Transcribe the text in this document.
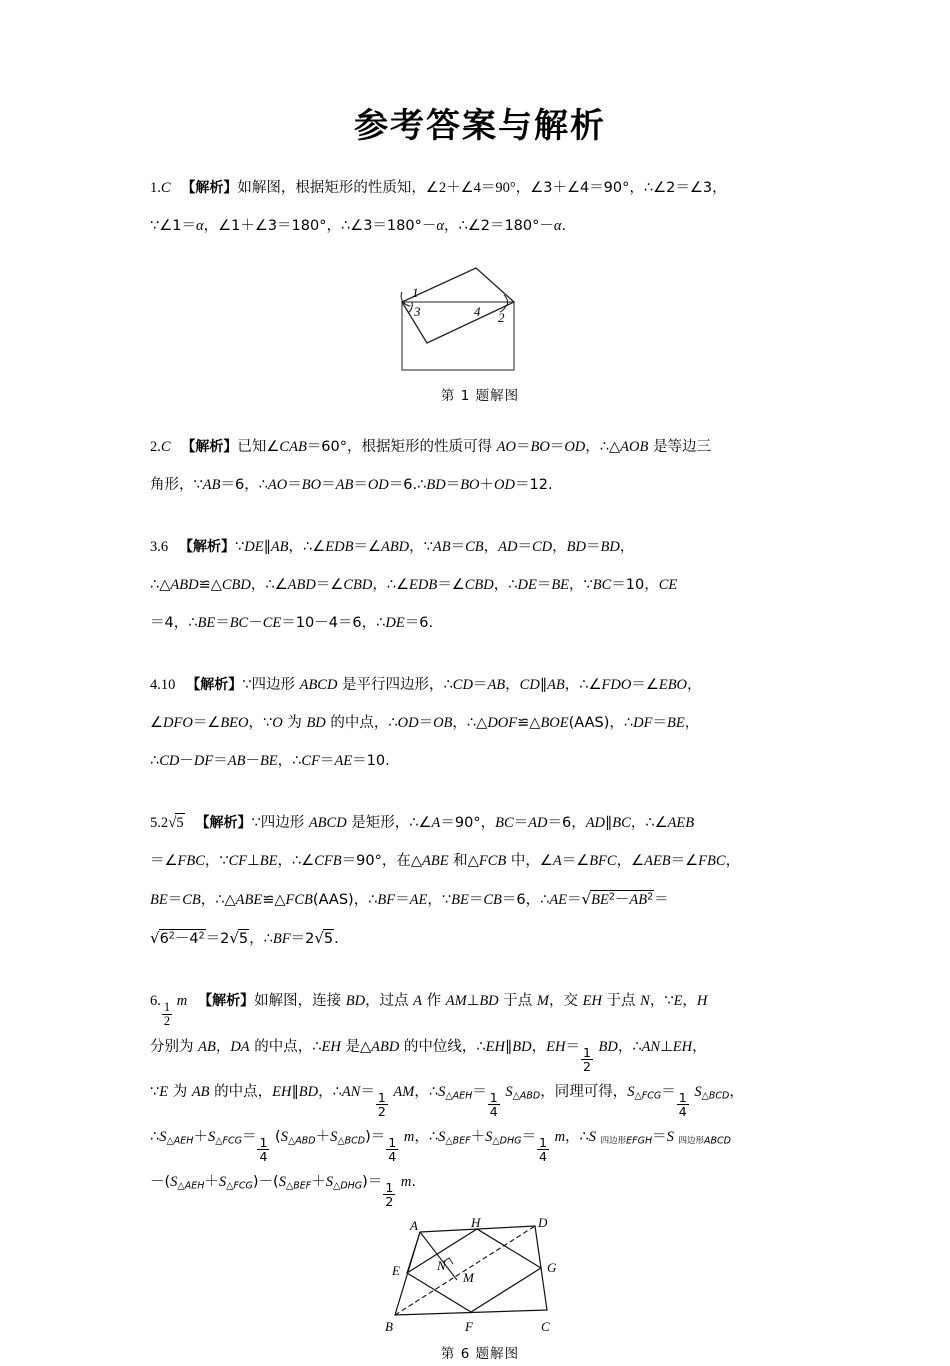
参考答案与解析
1.C 【解析】如解图，根据矩形的性质知，∠2＋∠4＝90°，∠3＋∠4＝90°，∴∠2＝∠3，
∵∠1＝α，∠1＋∠3＝180°，∴∠3＝180°－α，∴∠2＝180°－α.
1
3	4 2
第 1 题解图
2.C 【解析】已知∠CAB＝60°，根据矩形的性质可得 AO＝BO＝OD，∴△AOB 是等边三
角形，∵AB＝6，∴AO＝BO＝AB＝OD＝6.∴BD＝BO＋OD＝12.
3.6 【解析】∵DE∥AB，∴∠EDB＝∠ABD，∵AB＝CB，AD＝CD，BD＝BD，
∴△ABD≌△CBD，∴∠ABD＝∠CBD，∴∠EDB＝∠CBD，∴DE＝BE，∵BC＝10，CE
＝4，∴BE＝BC－CE＝10－4＝6，∴DE＝6.
4.10 【解析】∵四边形 ABCD 是平行四边形，∴CD＝AB，CD∥AB，∴∠FDO＝∠EBO，
∠DFO＝∠BEO，∵O 为 BD 的中点，∴OD＝OB，∴△DOF≌△BOE(AAS)，∴DF＝BE，
∴CD－DF＝AB－BE，∴CF＝AE＝10.
5.2√5 【解析】∵四边形 ABCD 是矩形，∴∠A＝90°，BC＝AD＝6，AD∥BC，∴∠AEB
＝∠FBC，∵CF⊥BE，∴∠CFB＝90°，在△ABE 和△FCB 中，∠A＝∠BFC，∠AEB＝∠FBC，
BE＝CB，∴△ABE≌△FCB(AAS)，∴BF＝AE，∵BE＝CB＝6，$\therefore AE=√BE^2-AB^2=$
$√6^2-4^2=2√5$，∴BF＝2√5.
6. $\frac{1}{2}$ m 【解析】如解图，连接 BD，过点 A 作 AM⊥BD 于点 M，交 EH 于点 N，∵E，H
分别为 AB，DA 的中点，∴EH 是△ABD 的中位线，∴EH∥BD，$EH= \frac{1}{2}$ BD，∴AN⊥EH，
∵E 为 AB 的中点，EH∥BD，∴AN＝ $\frac{1}{2}$ AM，$\therefore S_{\triangle AEH}= \frac{1}{4} S_{\triangle ABD}$，同理可得，$S_{\triangle FCG}= \frac{1}{4} S_{\triangle BCD}$，
$\therefore S_{\triangle AEH}+S_{\triangle FCG}= \frac{1}{4} (S_{\triangle ABD}+S_{\triangle BCD})= \frac{1}{4}$ m，$\therefore S_{\triangle BEF}+S_{\triangle DHG}= \frac{1}{4}$ m，∴S 四边形$_{EFGH}$＝S 四边形$_{ABCD}$
$-(S_{\triangle AEH}+S_{\triangle FCG})-(S_{\triangle BEF}+S_{\triangle DHG})= \frac{1}{2} m$.
A	H	D
E	N
M
G
B	F	C
第 6 题解图
